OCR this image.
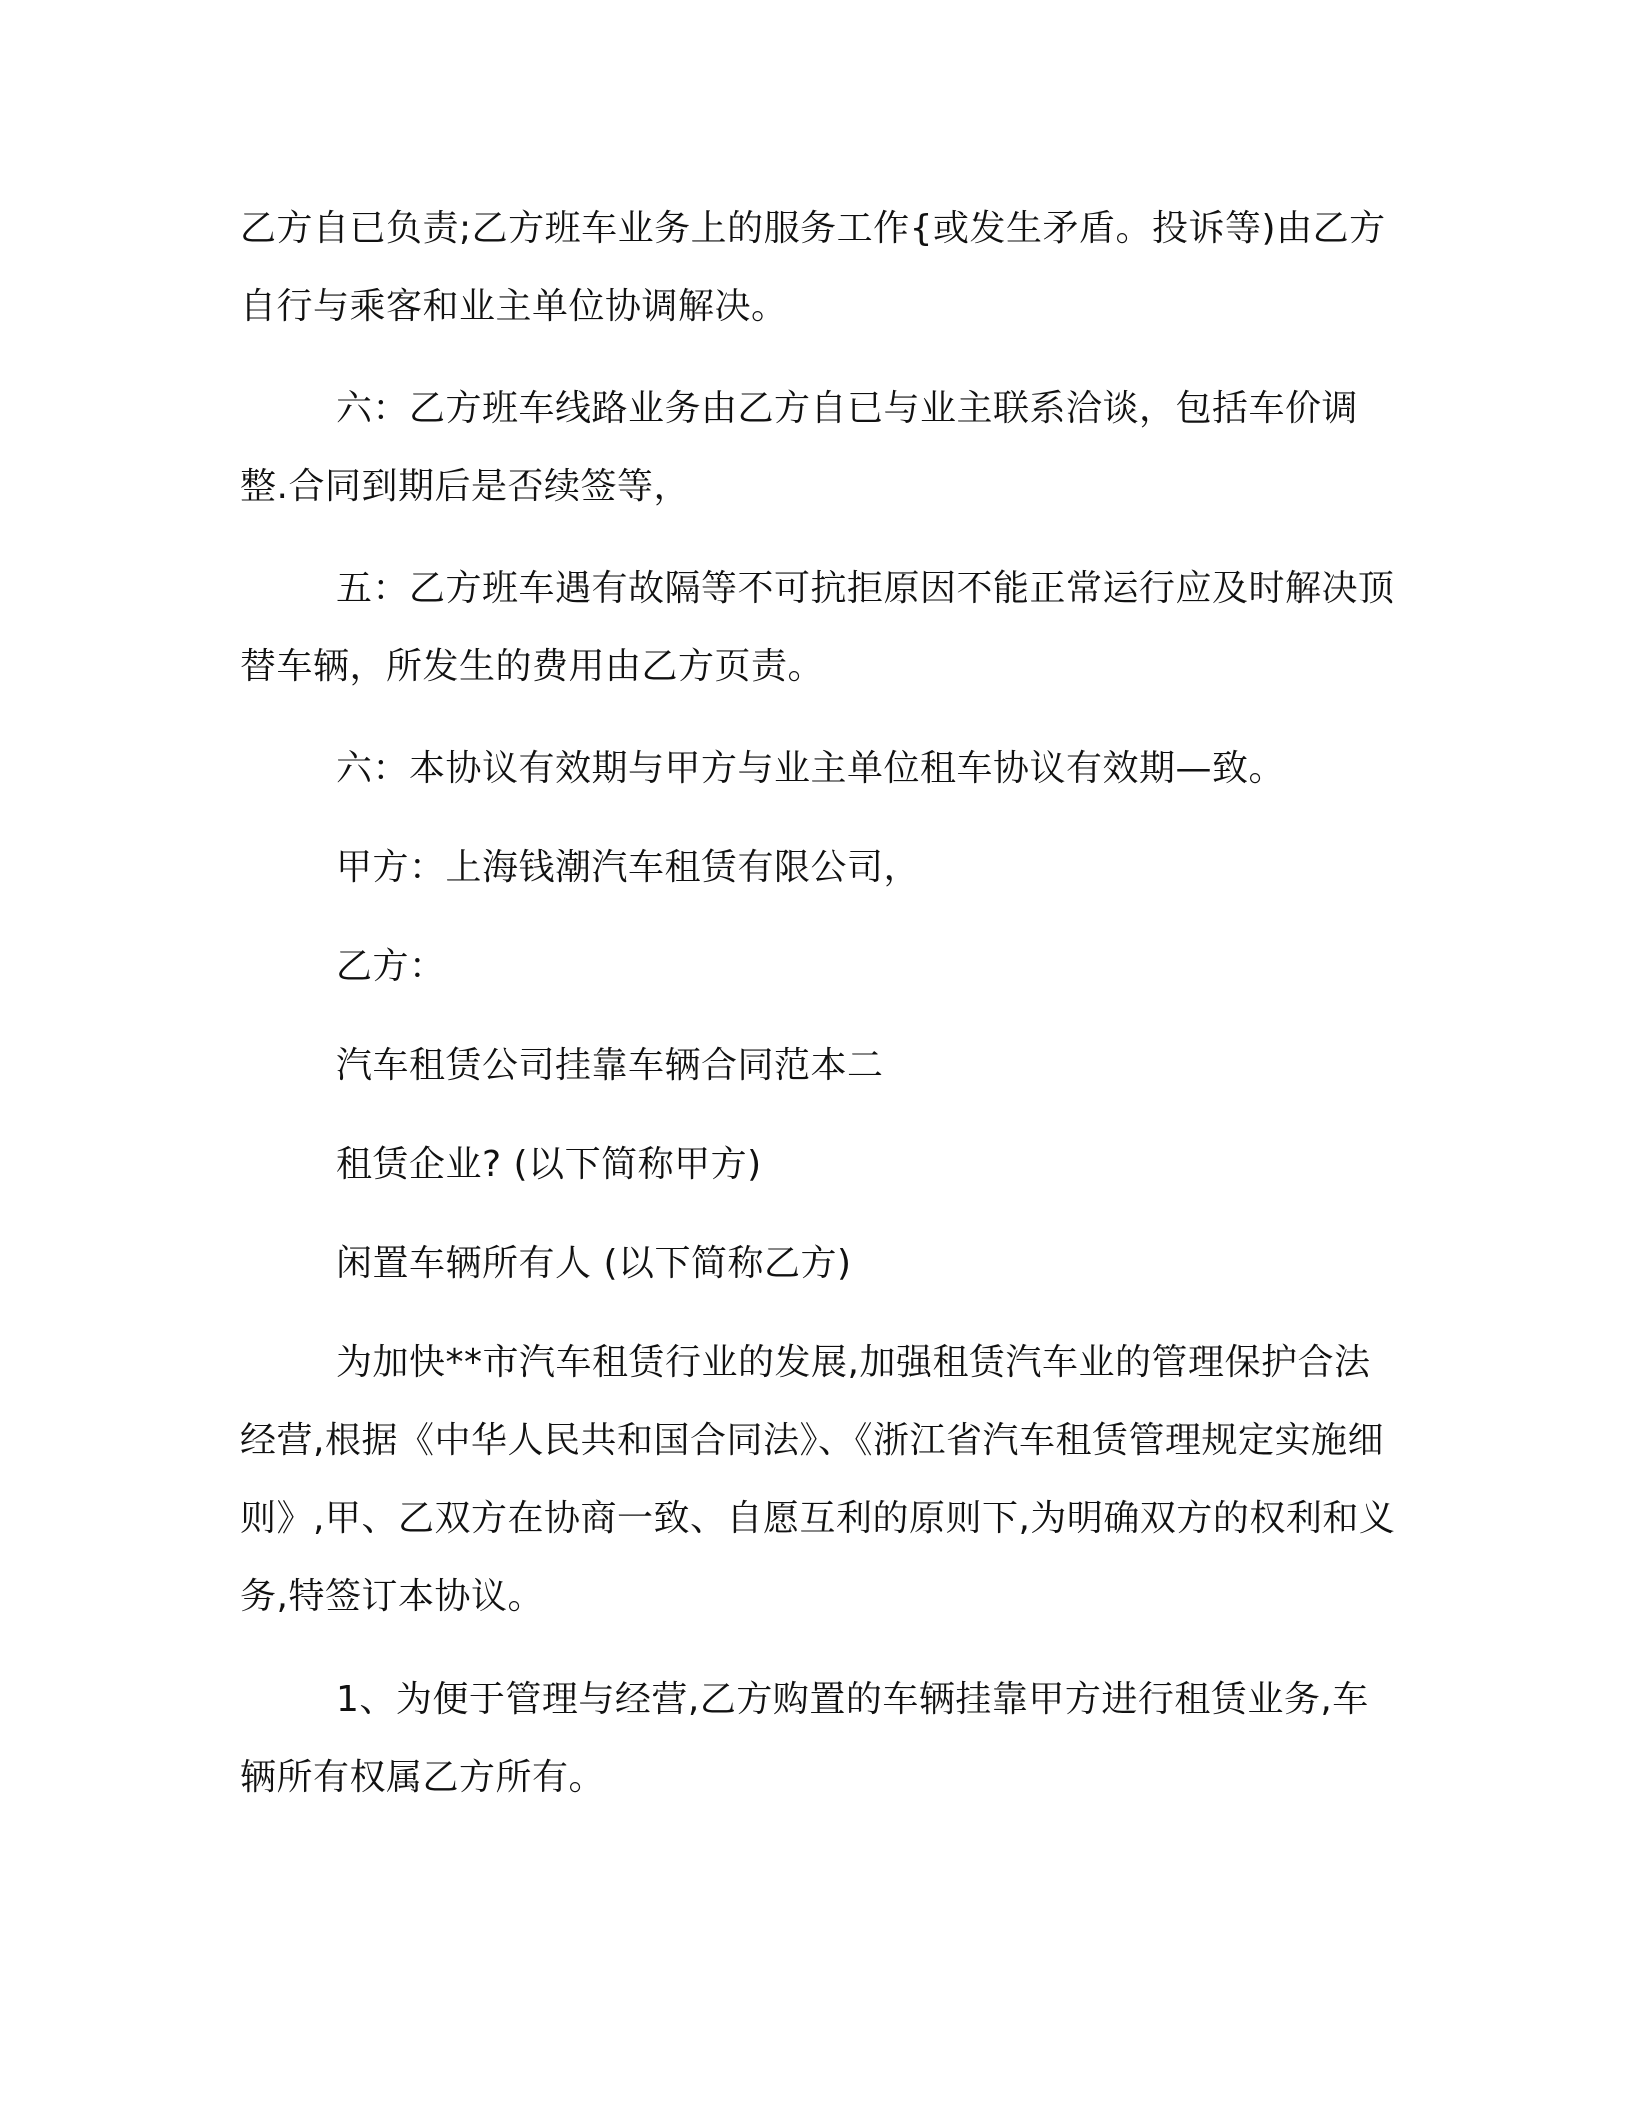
乙方自已负责;乙方班车业务上的服务工作{或发生矛盾。投诉等)由乙方自行与乘客和业主单位协调解决。

六：乙方班车线路业务由乙方自已与业主联系洽谈，包括车价调整.合同到期后是否续签等，

五：乙方班车遇有故隔等不可抗拒原因不能正常运行应及时解决顶替车辆，所发生的费用由乙方页责。

六：本协议有效期与甲方与业主单位租车协议有效期—致。

甲方：上海钱潮汽车租赁有限公司，

乙方：

汽车租赁公司挂靠车辆合同范本二

租赁企业? (以下简称甲方)

闲置车辆所有人 (以下简称乙方)

为加快**市汽车租赁行业的发展,加强租赁汽车业的管理保护合法经营,根据《中华人民共和国合同法》、《浙江省汽车租赁管理规定实施细则》,甲、乙双方在协商一致、自愿互利的原则下,为明确双方的权利和义务,特签订本协议。

1、为便于管理与经营,乙方购置的车辆挂靠甲方进行租赁业务,车辆所有权属乙方所有。
